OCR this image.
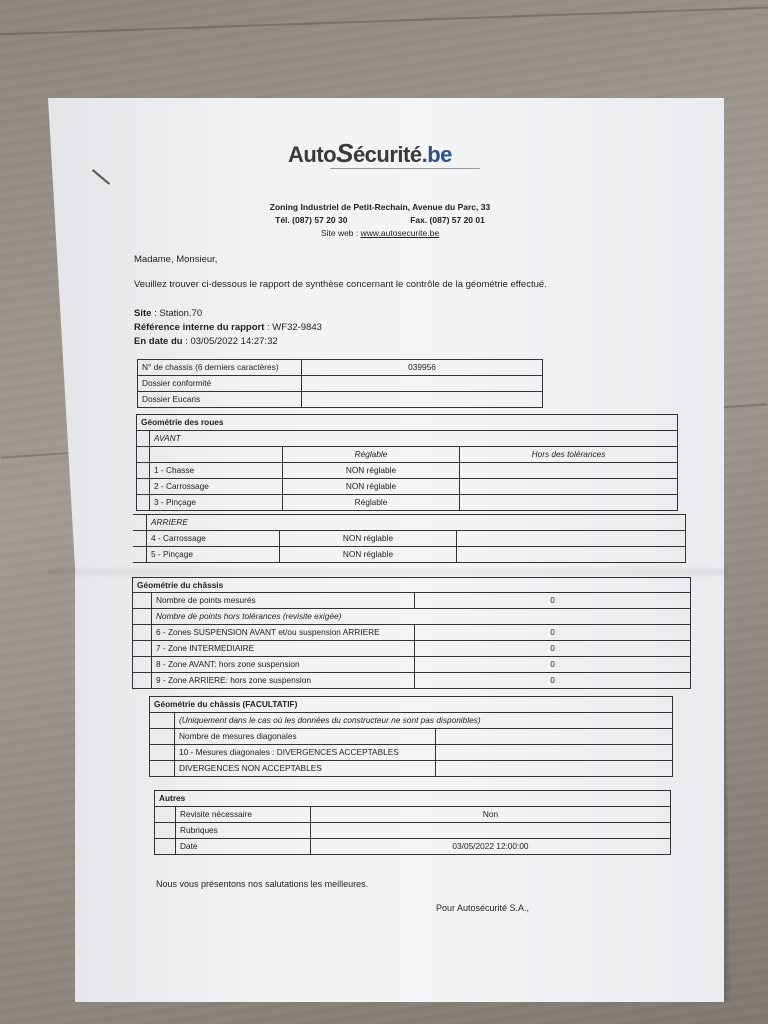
AutoSécurité.be
Zoning Industriel de Petit-Rechain, Avenue du Parc, 33
Tél. (087) 57 20 30	Fax. (087) 57 20 01
Site web : www.autosecurite.be
Madame, Monsieur,
Veuillez trouver ci-dessous le rapport de synthèse concernant le contrôle de la géométrie effectué.
Site : Station.70
Référence interne du rapport : WF32-9843
En date du : 03/05/2022 14:27:32
N° de chassis (6 derniers caractères)	039956
Dossier conformité	
Dossier Eucaris	
Géométrie des roues			
	AVANT		
		Réglable	Hors des tolérances
	1 - Chasse	NON réglable	
	2 - Carrossage	NON réglable	
	3 - Pinçage	Réglable	
	ARRIERE		
	4 - Carrossage	NON réglable	
	5 - Pinçage	NON réglable	
Géométrie du châssis		
	Nombre de points mesurés	0
	Nombre de points hors tolérances (revisite exigée)	
	6 - Zones SUSPENSION AVANT et/ou suspension ARRIERE	0
	7 - Zone INTERMEDIAIRE	0
	8 - Zone AVANT: hors zone suspension	0
	9 - Zone ARRIERE: hors zone suspension	0
Géométrie du châssis (FACULTATIF)		
	(Uniquement dans le cas où les données du constructeur ne sont pas disponibles)	
	Nombre de mesures diagonales	
	10 - Mesures diagonales : DIVERGENCES ACCEPTABLES	
	DIVERGENCES NON ACCEPTABLES	
Autres		
	Revisite nécessaire	Non
	Rubriques	
	Date	03/05/2022 12:00:00
Nous vous présentons nos salutations les meilleures.
Pour Autosécurité S.A.,
